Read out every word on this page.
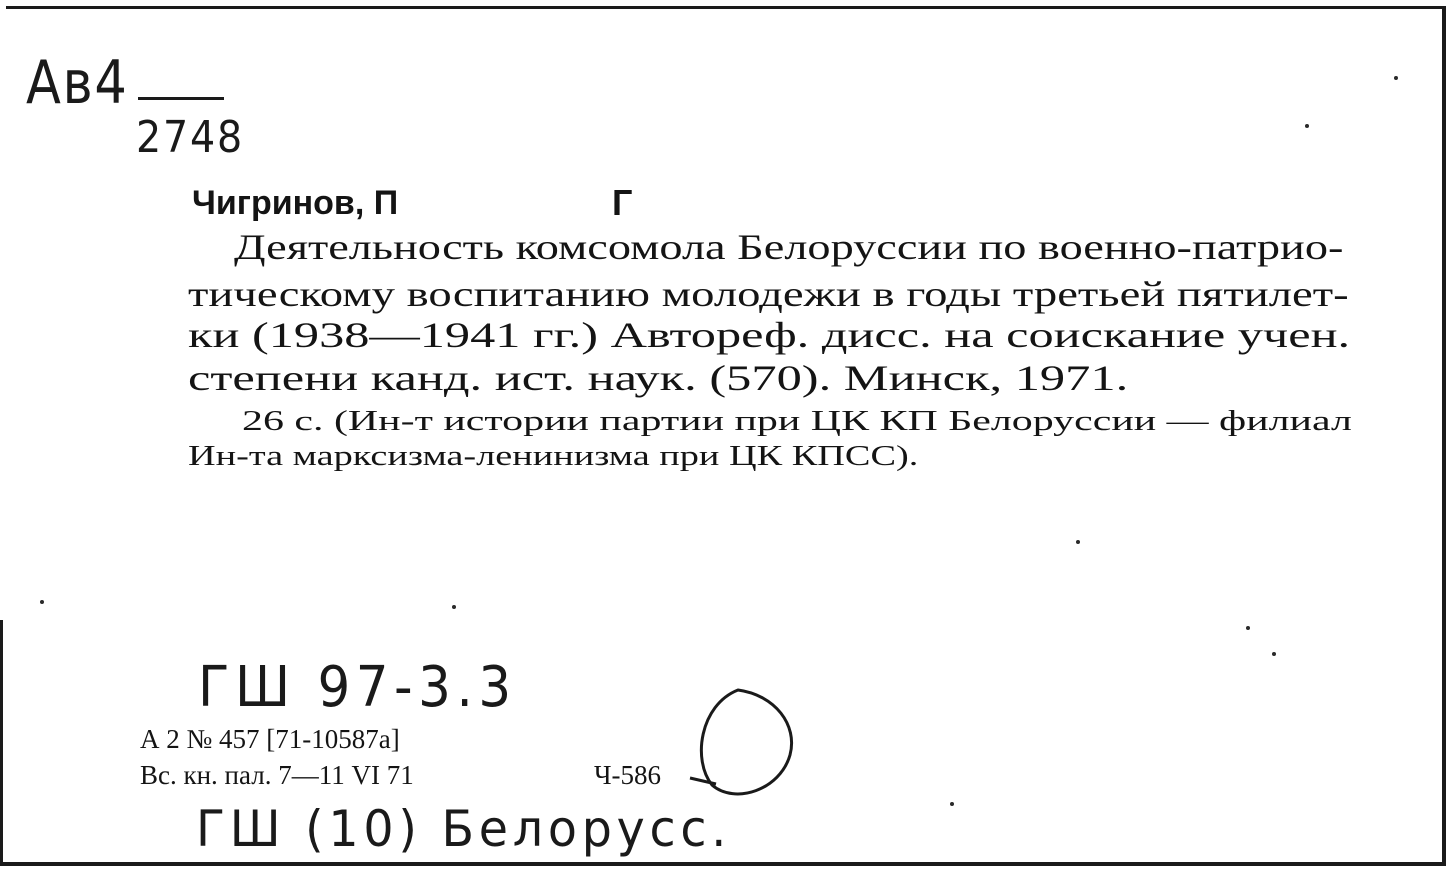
Ав4
2748
Чигринов, П	Г
Деятельность комсомола Белоруссии по военно-патрио-
тическому воспитанию молодежи в годы третьей пятилет-
ки (1938—1941 гг.) Автореф. дисс. на соискание учен.
степени канд. ист. наук. (570). Минск, 1971.
26 с. (Ин-т истории партии при ЦК КП Белоруссии — филиал
Ин-та марксизма-ленинизма при ЦК КПСС).
ГШ 97-3.3
А 2 № 457 [71-10587а]
Вс. кн. пал. 7—11 VI 71	Ч-586
ГШ (10) Белорусс.
